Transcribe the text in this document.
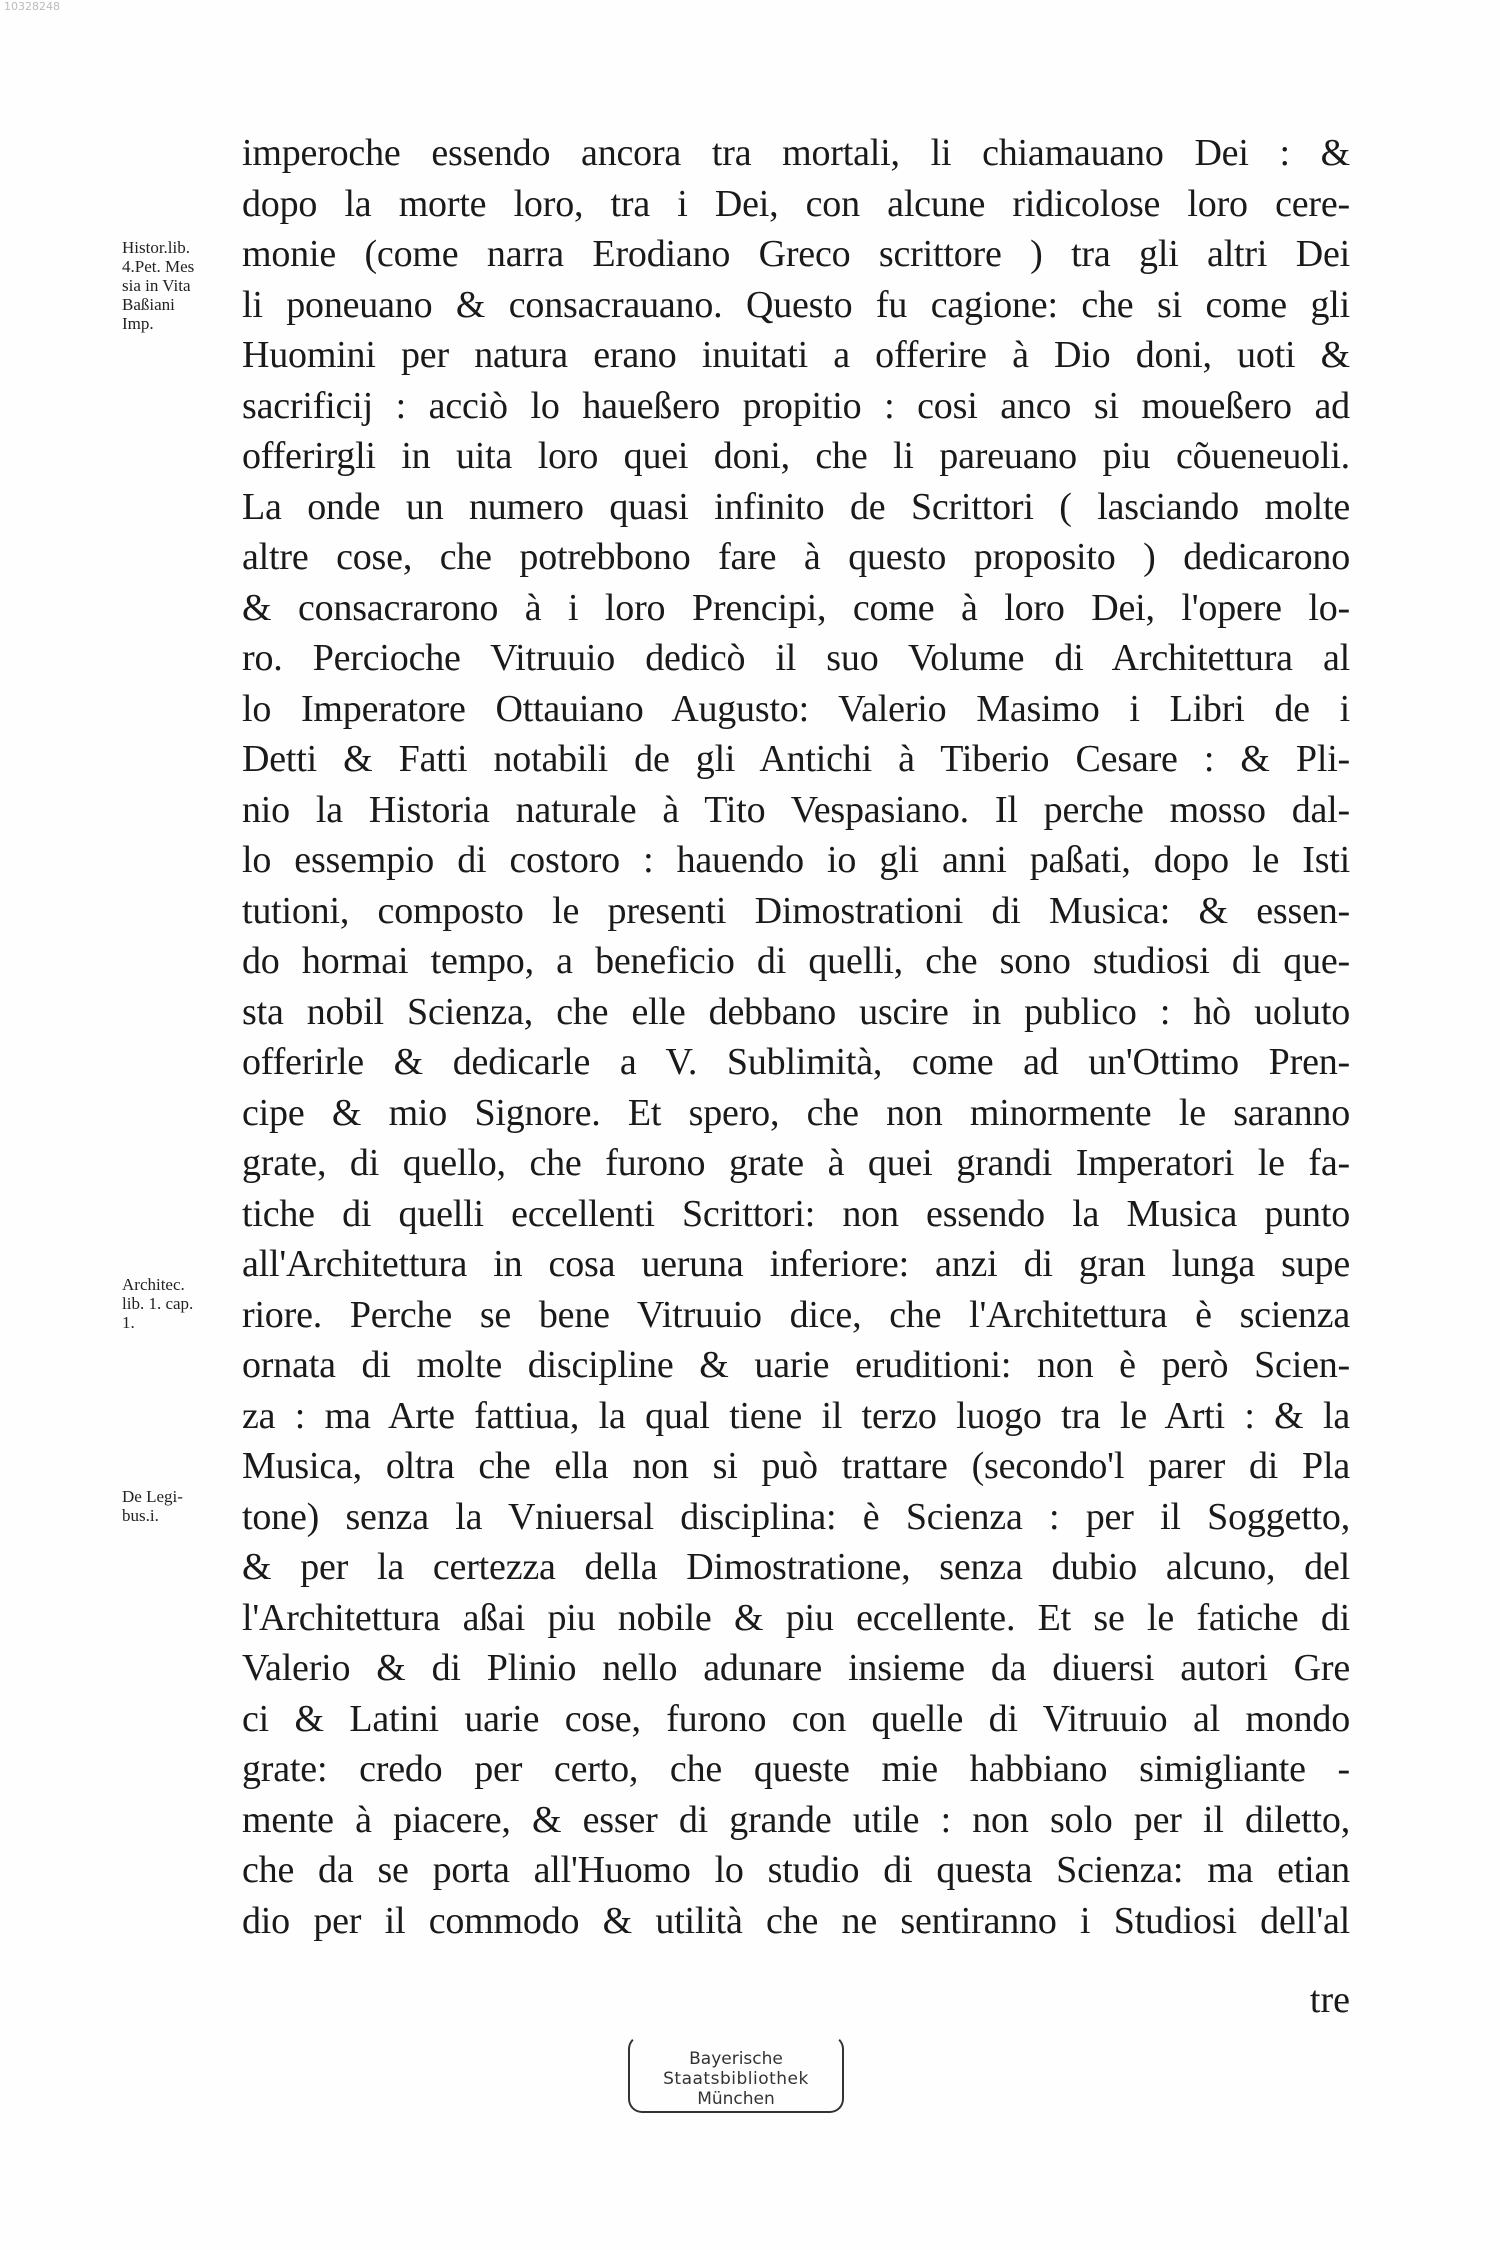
10328248
Histor.lib.
4.Pet. Mes
sia in Vita
Baßiani
Imp.
Architec.
lib. 1. cap.
1.
De Legi-
bus.i.
imperoche essendo ancora tra mortali, li chiamauano Dei : &
dopo la morte loro, tra i Dei, con alcune ridicolose loro cere-
monie (come narra Erodiano Greco scrittore ) tra gli altri Dei
li poneuano & consacrauano. Questo fu cagione: che si come gli
Huomini per natura erano inuitati a offerire à Dio doni, uoti &
sacrificij : acciò lo haueßero propitio : cosi anco si moueßero ad
offerirgli in uita loro quei doni, che li pareuano piu cõueneuoli.
La onde un numero quasi infinito de Scrittori ( lasciando molte
altre cose, che potrebbono fare à questo proposito ) dedicarono
& consacrarono à i loro Prencipi, come à loro Dei, l'opere lo-
ro. Percioche Vitruuio dedicò il suo Volume di Architettura al
lo Imperatore Ottauiano Augusto: Valerio Masimo i Libri de i
Detti & Fatti notabili de gli Antichi à Tiberio Cesare : & Pli-
nio la Historia naturale à Tito Vespasiano. Il perche mosso dal-
lo essempio di costoro : hauendo io gli anni paßati, dopo le Isti
tutioni, composto le presenti Dimostrationi di Musica: & essen-
do hormai tempo, a beneficio di quelli, che sono studiosi di que-
sta nobil Scienza, che elle debbano uscire in publico : hò uoluto
offerirle & dedicarle a V. Sublimità, come ad un'Ottimo Pren-
cipe & mio Signore. Et spero, che non minormente le saranno
grate, di quello, che furono grate à quei grandi Imperatori le fa-
tiche di quelli eccellenti Scrittori: non essendo la Musica punto
all'Architettura in cosa ueruna inferiore: anzi di gran lunga supe
riore. Perche se bene Vitruuio dice, che l'Architettura è scienza
ornata di molte discipline & uarie eruditioni: non è però Scien-
za : ma Arte fattiua, la qual tiene il terzo luogo tra le Arti : & la
Musica, oltra che ella non si può trattare (secondo'l parer di Pla
tone) senza la Vniuersal disciplina: è Scienza : per il Soggetto,
& per la certezza della Dimostratione, senza dubio alcuno, del
l'Architettura aßai piu nobile & piu eccellente. Et se le fatiche di
Valerio & di Plinio nello adunare insieme da diuersi autori Gre
ci & Latini uarie cose, furono con quelle di Vitruuio al mondo
grate: credo per certo, che queste mie habbiano simigliante -
mente à piacere, & esser di grande utile : non solo per il diletto,
che da se porta all'Huomo lo studio di questa Scienza: ma etian
dio per il commodo & utilità che ne sentiranno i Studiosi dell'al
tre
Bayerische
Staatsbibliothek
München
